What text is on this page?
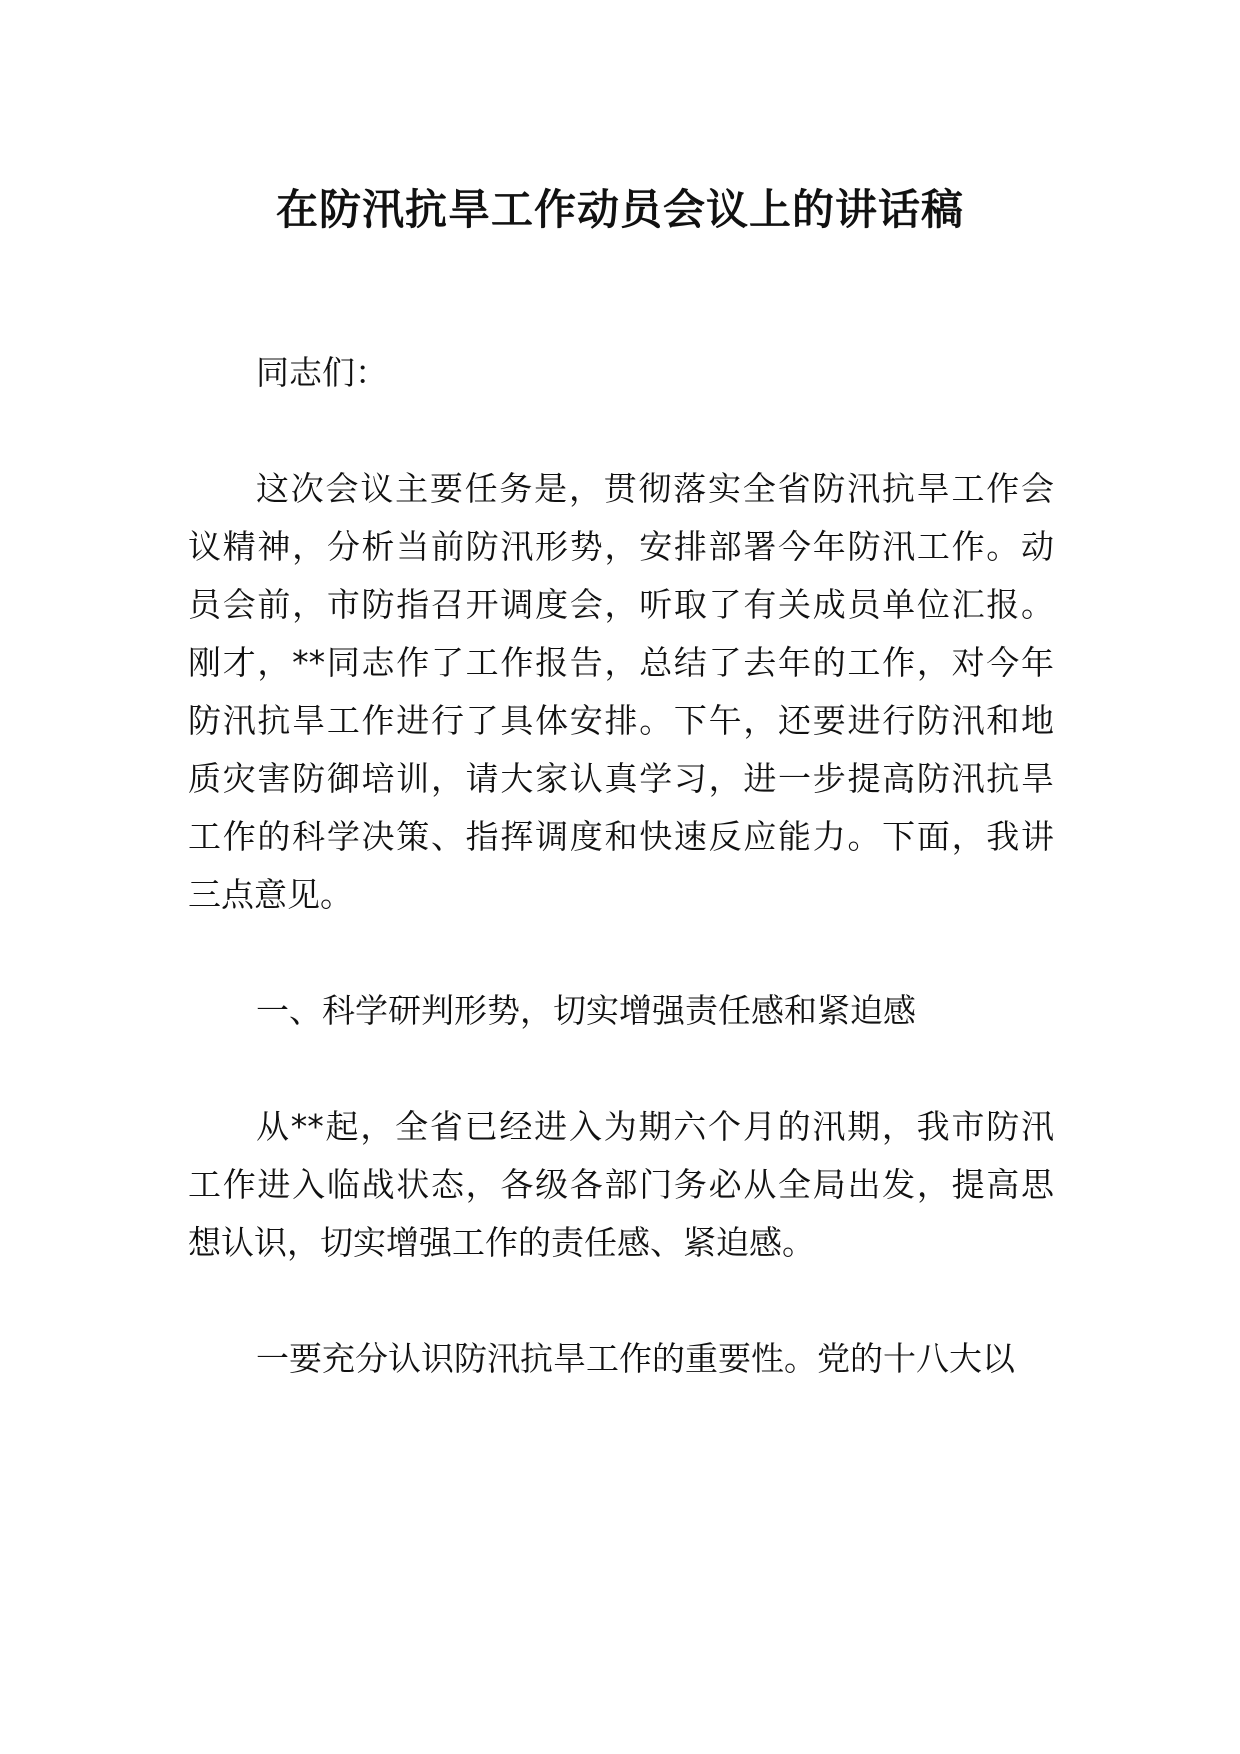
在防汛抗旱工作动员会议上的讲话稿
同志们：
这次会议主要任务是，贯彻落实全省防汛抗旱工作会
议精神，分析当前防汛形势，安排部署今年防汛工作。动
员会前，市防指召开调度会，听取了有关成员单位汇报。
刚才，**同志作了工作报告，总结了去年的工作，对今年
防汛抗旱工作进行了具体安排。下午，还要进行防汛和地
质灾害防御培训，请大家认真学习，进一步提高防汛抗旱
工作的科学决策、指挥调度和快速反应能力。下面，我讲
三点意见。
一、科学研判形势，切实增强责任感和紧迫感
从**起，全省已经进入为期六个月的汛期，我市防汛
工作进入临战状态，各级各部门务必从全局出发，提高思
想认识，切实增强工作的责任感、紧迫感。
一要充分认识防汛抗旱工作的重要性。党的十八大以
